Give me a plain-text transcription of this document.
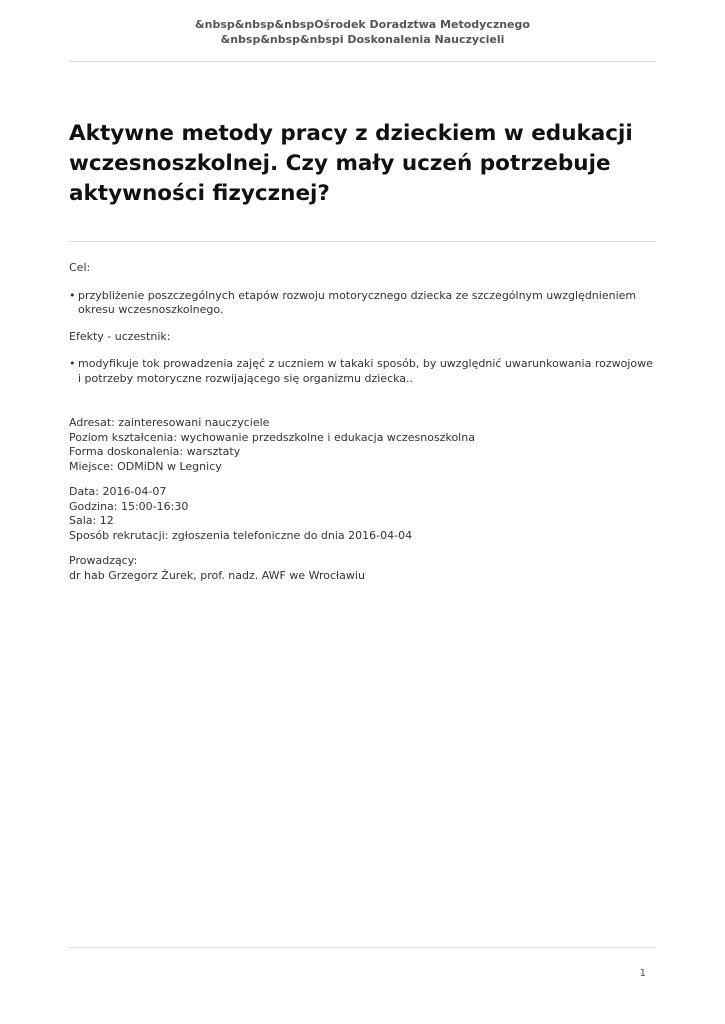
&nbsp&nbsp&nbspOśrodek Doradztwa Metodycznego
&nbsp&nbsp&nbspi Doskonalenia Nauczycieli
Aktywne metody pracy z dzieckiem w edukacji wczesnoszkolnej. Czy mały uczeń potrzebuje aktywności fizycznej?

Cel:

• przybliżenie poszczególnych etapów rozwoju motorycznego dziecka ze szczególnym uwzględnieniem okresu wczesnoszkolnego.

Efekty - uczestnik:

• modyfikuje tok prowadzenia zajęć z uczniem w takaki sposób, by uwzględnić uwarunkowania rozwojowe i potrzeby motoryczne rozwijającego się organizmu dziecka..

Adresat: zainteresowani nauczyciele

Poziom kształcenia: wychowanie przedszkolne i edukacja wczesnoszkolna

Forma doskonalenia: warsztaty

Miejsce: ODMiDN w Legnicy

Data: 2016-04-07

Godzina: 15:00-16:30

Sala: 12

Sposób rekrutacji: zgłoszenia telefoniczne do dnia 2016-04-04

Prowadzący:

dr hab Grzegorz Żurek, prof. nadz. AWF we Wrocławiu

1
